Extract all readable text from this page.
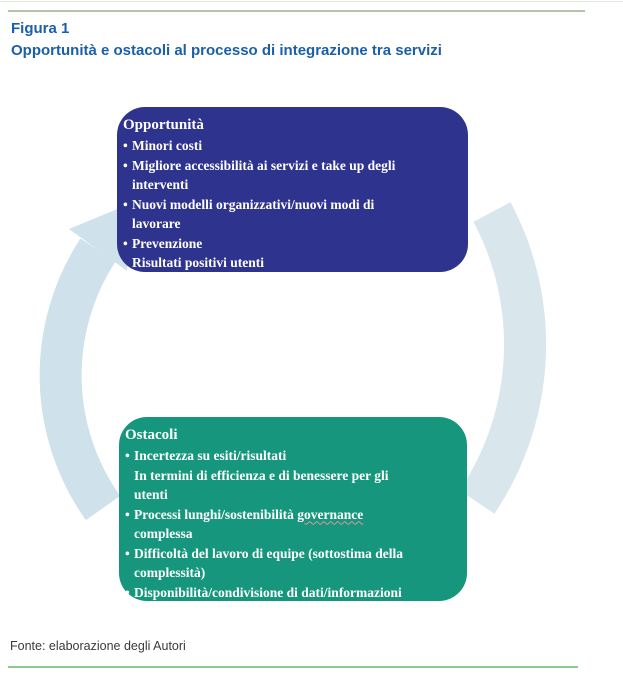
Figura 1
Opportunità e ostacoli al processo di integrazione tra servizi
Opportunità
• Minori costi
• Migliore accessibilità ai servizi e take up degli
interventi
• Nuovi modelli organizzativi/nuovi modi di
lavorare
• Prevenzione
Risultati positivi utenti
Ostacoli
• Incertezza su esiti/risultati
In termini di efficienza e di benessere per gli
utenti
• Processi lunghi/sostenibilità governance
complessa
• Difficoltà del lavoro di equipe (sottostima della
complessità)
• Disponibilità/condivisione di dati/informazioni
Fonte: elaborazione degli Autori
